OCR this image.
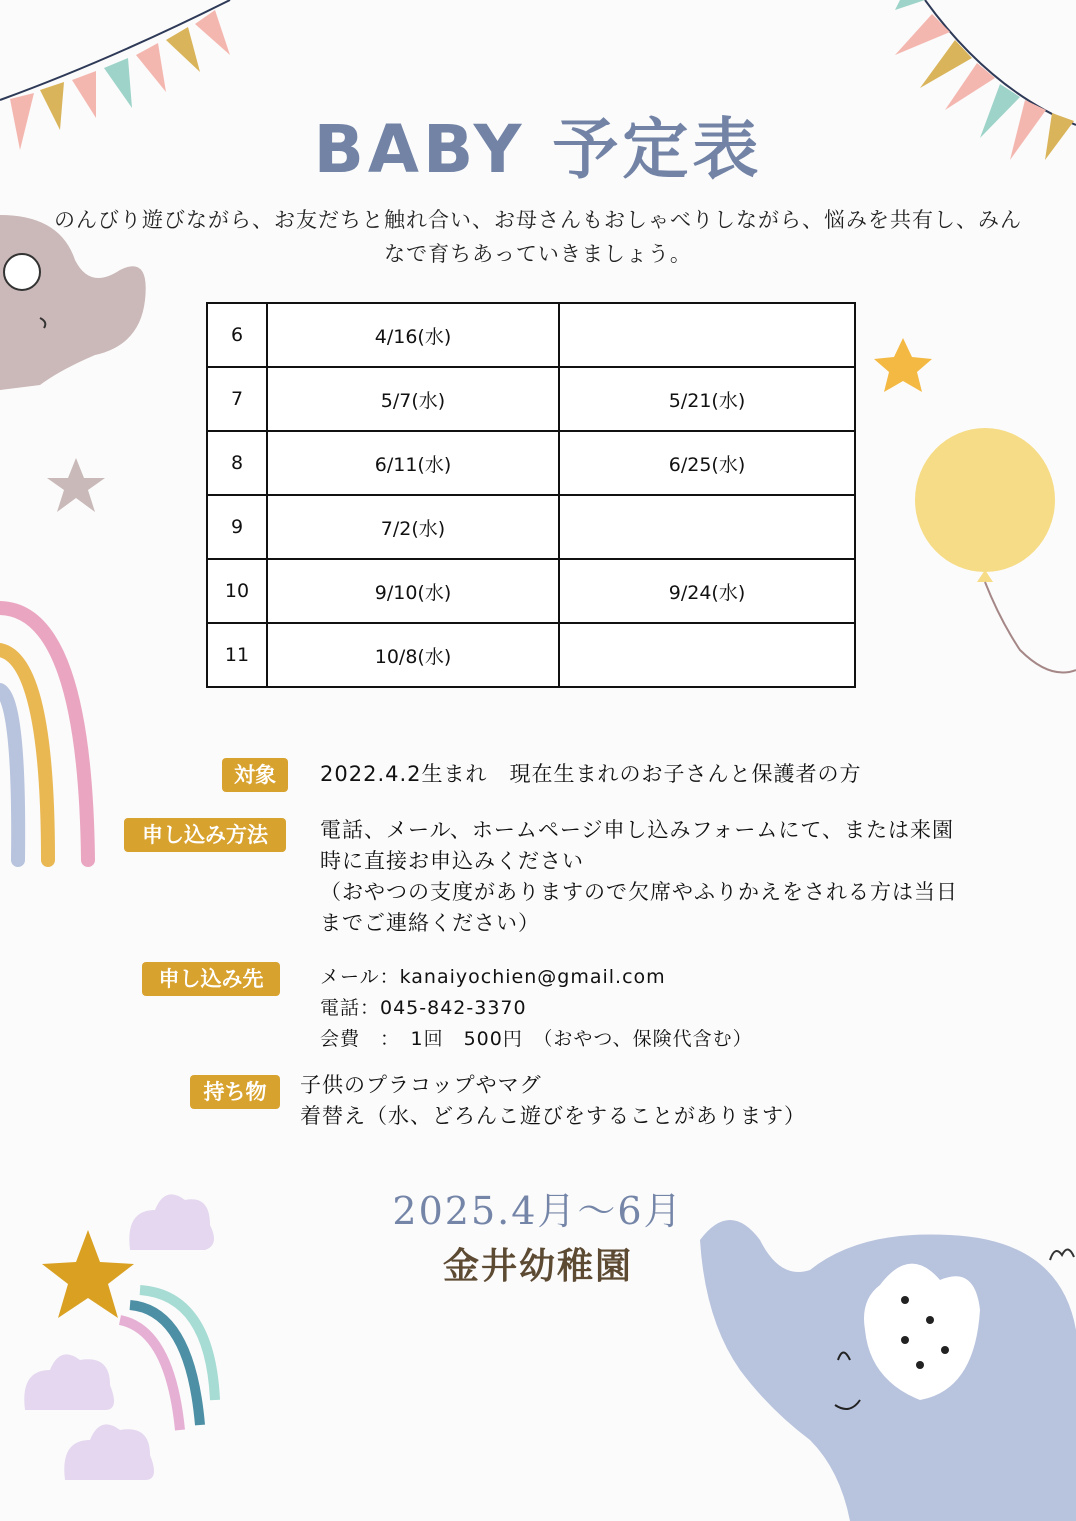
BABY 予定表
のんびり遊びながら、お友だちと触れ合い、お母さんもおしゃべりしながら、悩みを共有し、みん
なで育ちあっていきましょう。
6	4/16(水)	
7	5/7(水)	5/21(水)
8	6/11(水)	6/25(水)
9	7/2(水)	
10	9/10(水)	9/24(水)
11	10/8(水)	
対象	2022.4.2生まれ　現在生まれのお子さんと保護者の方
申し込み方法	電話、メール、ホームページ申し込みフォームにて、または来園
時に直接お申込みください
（おやつの支度がありますので欠席やふりかえをされる方は当日
までご連絡ください）
申し込み先	メール：kanaiyochien@gmail.com
電話：045-842-3370
会費　：　1回　500円　（おやつ、保険代含む）
持ち物	子供のプラコップやマグ
着替え（水、どろんこ遊びをすることがあります）
2025.4月〜6月
金井幼稚園
